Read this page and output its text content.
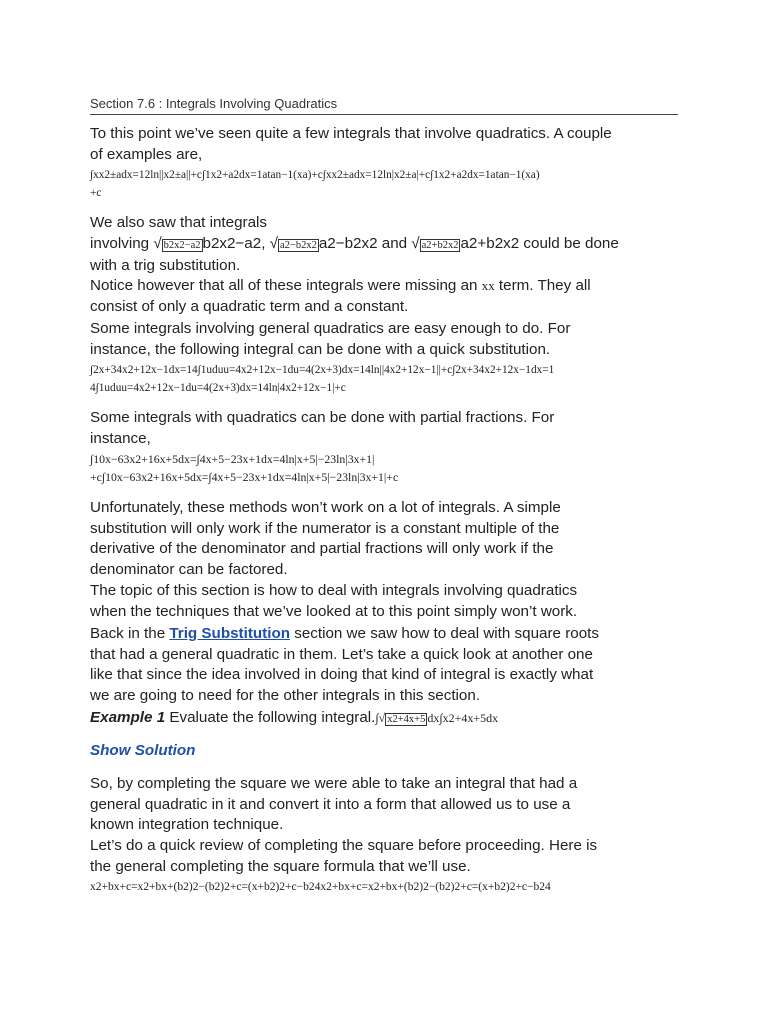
Section 7.6 : Integrals Involving Quadratics

To this point we’ve seen quite a few integrals that involve quadratics. A couple
of examples are,

∫xx2±adx=12ln||x2±a||+c∫1x2+a2dx=1atan−1(xa)+c∫xx2±adx=12ln|x2±a|+c∫1x2+a2dx=1atan−1(xa)
+c

We also saw that integrals
involving √ b2x2−a2 b2x2−a2, √ a2−b2x2 a2−b2x2 and √ a2+b2x2 a2+b2x2 could be done
with a trig substitution.

Notice however that all of these integrals were missing an xx term. They all
consist of only a quadratic term and a constant.

Some integrals involving general quadratics are easy enough to do. For
instance, the following integral can be done with a quick substitution.

∫2x+34x2+12x−1dx=14∫1uduu=4x2+12x−1du=4(2x+3)dx=14ln||4x2+12x−1||+c∫2x+34x2+12x−1dx=1
4∫1uduu=4x2+12x−1du=4(2x+3)dx=14ln|4x2+12x−1|+c

Some integrals with quadratics can be done with partial fractions. For
instance,

∫10x−63x2+16x+5dx=∫4x+5−23x+1dx=4ln|x+5|−23ln|3x+1|
+c∫10x−63x2+16x+5dx=∫4x+5−23x+1dx=4ln|x+5|−23ln|3x+1|+c

Unfortunately, these methods won’t work on a lot of integrals. A simple
substitution will only work if the numerator is a constant multiple of the
derivative of the denominator and partial fractions will only work if the
denominator can be factored.

The topic of this section is how to deal with integrals involving quadratics
when the techniques that we’ve looked at to this point simply won’t work.

Back in the Trig Substitution section we saw how to deal with square roots
that had a general quadratic in them. Let’s take a quick look at another one
like that since the idea involved in doing that kind of integral is exactly what
we are going to need for the other integrals in this section.

Example 1 Evaluate the following integral.∫√ x2+4x+5 dx∫x2+4x+5dx

Show Solution

So, by completing the square we were able to take an integral that had a
general quadratic in it and convert it into a form that allowed us to use a
known integration technique.

Let’s do a quick review of completing the square before proceeding. Here is
the general completing the square formula that we’ll use.

x2+bx+c=x2+bx+(b2)2−(b2)2+c=(x+b2)2+c−b24x2+bx+c=x2+bx+(b2)2−(b2)2+c=(x+b2)2+c−b24
